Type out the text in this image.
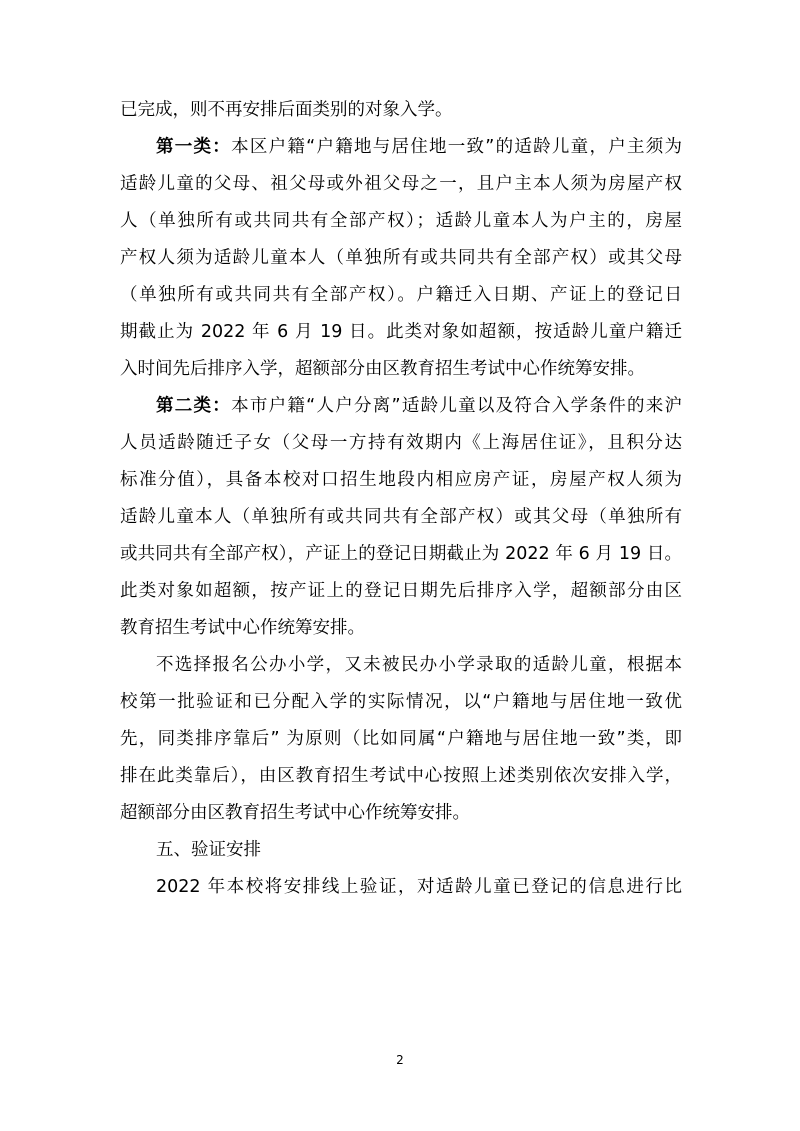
已完成，则不再安排后面类别的对象入学。
第一类：本区户籍“户籍地与居住地一致”的适龄儿童，户主须为
适龄儿童的父母、祖父母或外祖父母之一，且户主本人须为房屋产权
人（单独所有或共同共有全部产权）；适龄儿童本人为户主的，房屋
产权人须为适龄儿童本人（单独所有或共同共有全部产权）或其父母
（单独所有或共同共有全部产权）。户籍迁入日期、产证上的登记日
期截止为 2022 年 6 月 19 日。此类对象如超额，按适龄儿童户籍迁
入时间先后排序入学，超额部分由区教育招生考试中心作统筹安排。
第二类：本市户籍“人户分离”适龄儿童以及符合入学条件的来沪
人员适龄随迁子女（父母一方持有效期内《上海居住证》，且积分达
标准分值），具备本校对口招生地段内相应房产证，房屋产权人须为
适龄儿童本人（单独所有或共同共有全部产权）或其父母（单独所有
或共同共有全部产权），产证上的登记日期截止为 2022 年 6 月 19 日。
此类对象如超额，按产证上的登记日期先后排序入学，超额部分由区
教育招生考试中心作统筹安排。
不选择报名公办小学，又未被民办小学录取的适龄儿童，根据本
校第一批验证和已分配入学的实际情况，以“户籍地与居住地一致优
先，同类排序靠后” 为原则（比如同属“户籍地与居住地一致”类，即
排在此类靠后），由区教育招生考试中心按照上述类别依次安排入学，
超额部分由区教育招生考试中心作统筹安排。
五、验证安排
2022 年本校将安排线上验证，对适龄儿童已登记的信息进行比
2
